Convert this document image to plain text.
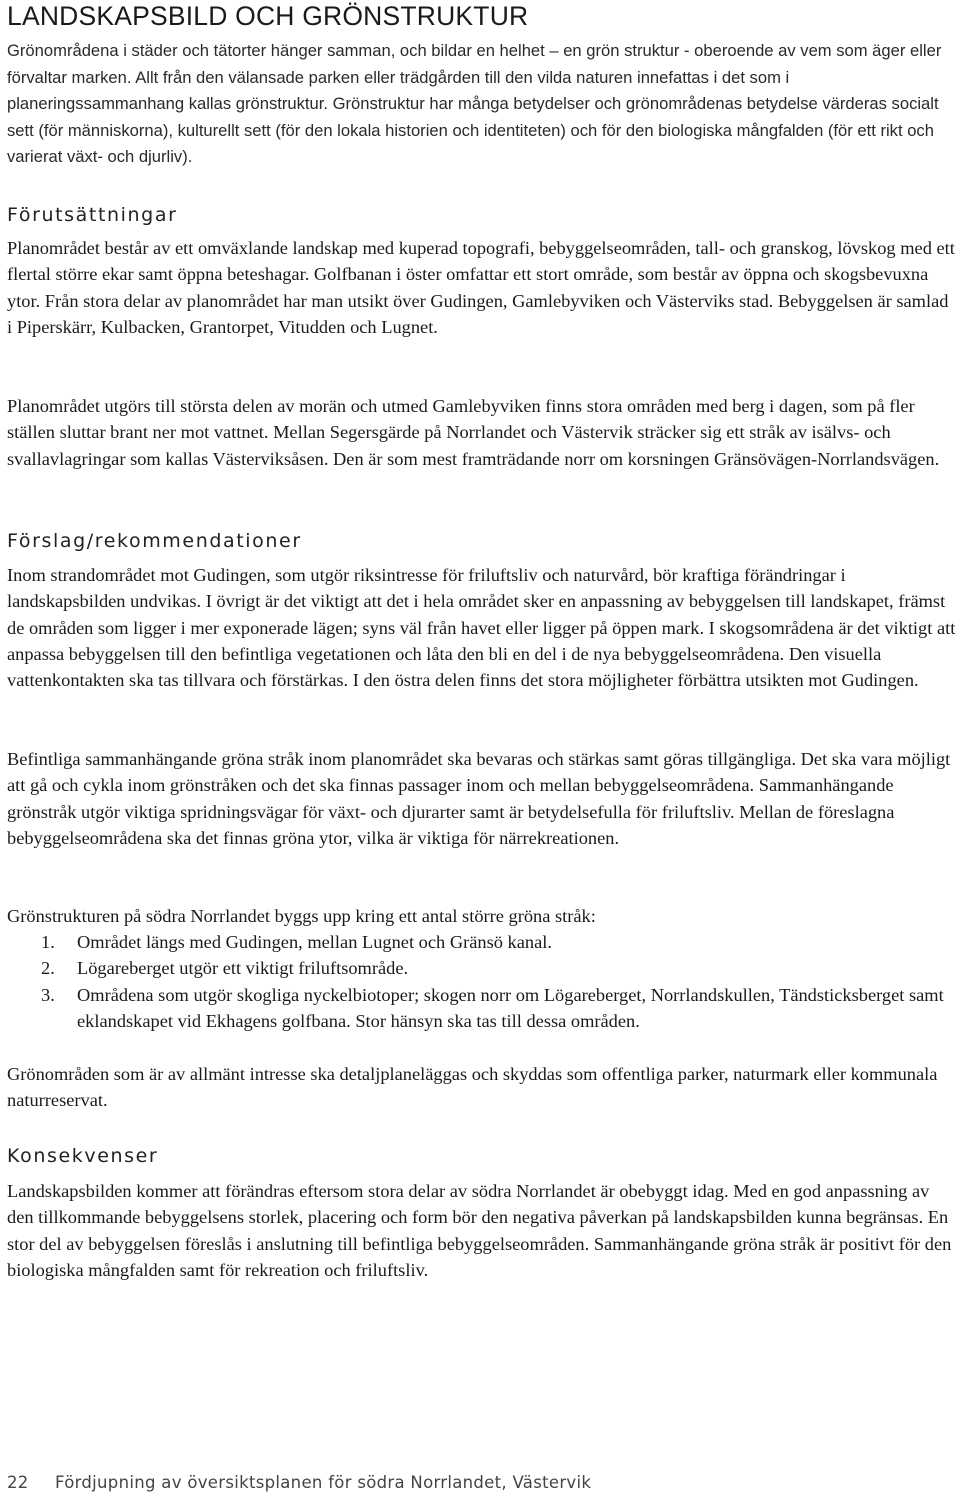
LANDSKAPSBILD OCH GRÖNSTRUKTUR

Grönområdena i städer och tätorter hänger samman, och bildar en helhet – en grön struktur - oberoende av vem som äger eller förvaltar marken. Allt från den välansade parken eller trädgården till den vilda naturen innefattas i det som i planeringssammanhang kallas grönstruktur. Grönstruktur har många betydelser och grönområdenas betydelse värderas socialt sett (för människorna), kulturellt sett (för den lokala historien och identiteten) och för den biologiska mångfalden (för ett rikt och varierat växt- och djurliv).

Förutsättningar

Planområdet består av ett omväxlande landskap med kuperad topografi, bebyggelseområden, tall- och granskog, lövskog med ett flertal större ekar samt öppna beteshagar. Golfbanan i öster omfattar ett stort område, som består av öppna och skogsbevuxna ytor. Från stora delar av planområdet har man utsikt över Gudingen, Gamlebyviken och Västerviks stad. Bebyggelsen är samlad i Piperskärr, Kulbacken, Grantorpet, Vitudden och Lugnet.

Planområdet utgörs till största delen av morän och utmed Gamlebyviken finns stora områden med berg i dagen, som på fler ställen sluttar brant ner mot vattnet. Mellan Segersgärde på Norrlandet och Västervik sträcker sig ett stråk av isälvs- och svallavlagringar som kallas Västerviksåsen. Den är som mest framträdande norr om korsningen Gränsövägen-Norrlandsvägen.

Förslag/rekommendationer

Inom strandområdet mot Gudingen, som utgör riksintresse för friluftsliv och naturvård, bör kraftiga förändringar i landskapsbilden undvikas. I övrigt är det viktigt att det i hela området sker en anpassning av bebyggelsen till landskapet, främst de områden som ligger i mer exponerade lägen; syns väl från havet eller ligger på öppen mark. I skogsområdena är det viktigt att anpassa bebyggelsen till den befintliga vegetationen och låta den bli en del i de nya bebyggelseområdena. Den visuella vattenkontakten ska tas tillvara och förstärkas. I den östra delen finns det stora möjligheter förbättra utsikten mot Gudingen.

Befintliga sammanhängande gröna stråk inom planområdet ska bevaras och stärkas samt göras tillgängliga. Det ska vara möjligt att gå och cykla inom grönstråken och det ska finnas passager inom och mellan bebyggelseområdena. Sammanhängande grönstråk utgör viktiga spridningsvägar för växt- och djurarter samt är betydelsefulla för friluftsliv. Mellan de föreslagna bebyggelseområdena ska det finnas gröna ytor, vilka är viktiga för närrekreationen.

Grönstrukturen på södra Norrlandet byggs upp kring ett antal större gröna stråk:

1. Området längs med Gudingen, mellan Lugnet och Gränsö kanal.
2. Lögareberget utgör ett viktigt friluftsområde.
3. Områdena som utgör skogliga nyckelbiotoper; skogen norr om Lögareberget, Norrlandskullen, Tändsticksberget samt eklandskapet vid Ekhagens golfbana. Stor hänsyn ska tas till dessa områden.

Grönområden som är av allmänt intresse ska detaljplaneläggas och skyddas som offentliga parker, naturmark eller kommunala naturreservat.

Konsekvenser

Landskapsbilden kommer att förändras eftersom stora delar av södra Norrlandet är obebyggt idag. Med en god anpassning av den tillkommande bebyggelsens storlek, placering och form bör den negativa påverkan på landskapsbilden kunna begränsas. En stor del av bebyggelsen föreslås i anslutning till befintliga bebyggelseområden. Sammanhängande gröna stråk är positivt för den biologiska mångfalden samt för rekreation och friluftsliv.

22 Fördjupning av översiktsplanen för södra Norrlandet, Västervik
